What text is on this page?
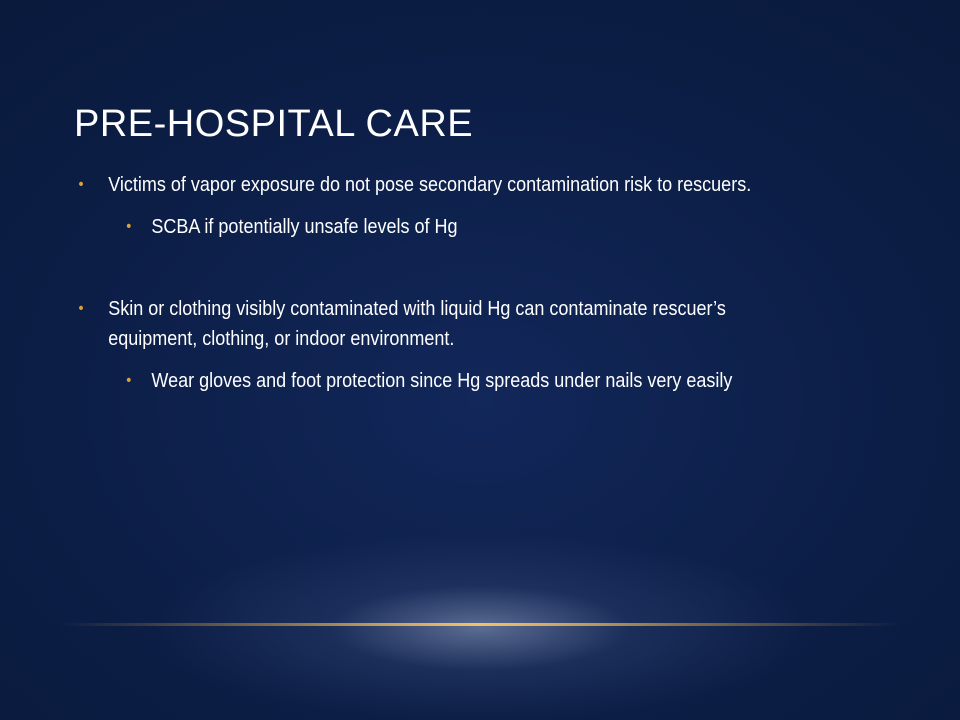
PRE-HOSPITAL CARE
• Victims of vapor exposure do not pose secondary contamination risk to rescuers.
• SCBA if potentially unsafe levels of Hg
• Skin or clothing visibly contaminated with liquid Hg can contaminate rescuer’s equipment, clothing, or indoor environment.
• Wear gloves and foot protection since Hg spreads under nails very easily
